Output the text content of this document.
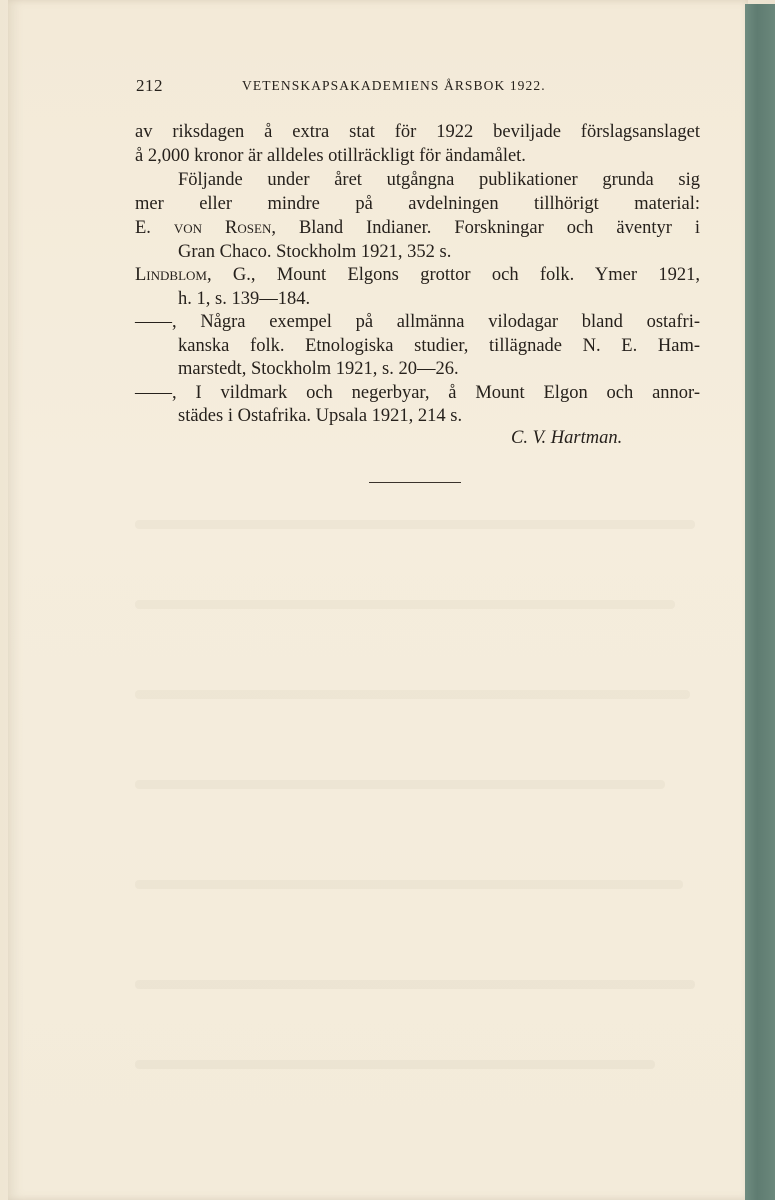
212	VETENSKAPSAKADEMIENS ÅRSBOK 1922.
av riksdagen å extra stat för 1922 beviljade förslagsanslaget
å 2,000 kronor är alldeles otillräckligt för ändamålet.
Följande under året utgångna publikationer grunda sig
mer eller mindre på avdelningen tillhörigt material:
E. von Rosen, Bland Indianer. Forskningar och äventyr i
Gran Chaco. Stockholm 1921, 352 s.
Lindblom, G., Mount Elgons grottor och folk. Ymer 1921,
h. 1, s. 139—184.
——, Några exempel på allmänna vilodagar bland ostafri-
kanska folk. Etnologiska studier, tillägnade N. E. Ham-
marstedt, Stockholm 1921, s. 20—26.
——, I vildmark och negerbyar, å Mount Elgon och annor-
städes i Ostafrika. Upsala 1921, 214 s.
C. V. Hartman.
